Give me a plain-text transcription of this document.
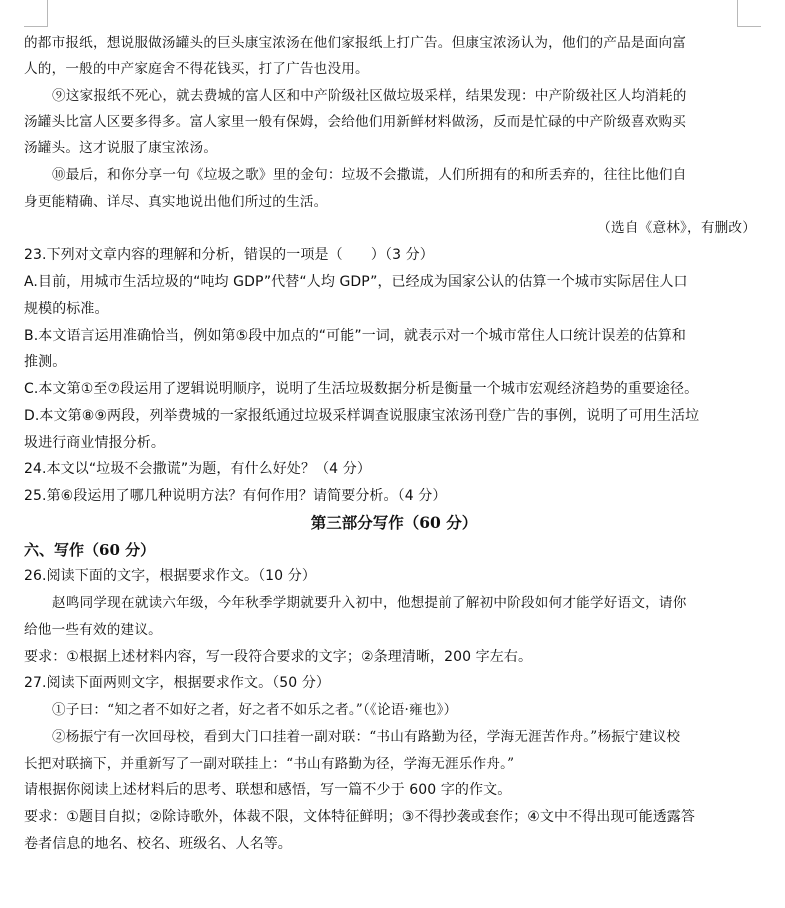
的都市报纸，想说服做汤罐头的巨头康宝浓汤在他们家报纸上打广告。但康宝浓汤认为，他们的产品是面向富
人的，一般的中产家庭舍不得花钱买，打了广告也没用。
⑨这家报纸不死心，就去费城的富人区和中产阶级社区做垃圾采样，结果发现：中产阶级社区人均消耗的
汤罐头比富人区要多得多。富人家里一般有保姆，会给他们用新鲜材料做汤，反而是忙碌的中产阶级喜欢购买
汤罐头。这才说服了康宝浓汤。
⑩最后，和你分享一句《垃圾之歌》里的金句：垃圾不会撒谎，人们所拥有的和所丢弃的，往往比他们自
身更能精确、详尽、真实地说出他们所过的生活。
（选自《意林》，有删改）
23.下列对文章内容的理解和分析，错误的一项是（　　）（3 分）
A.目前，用城市生活垃圾的“吨均 GDP”代替“人均 GDP”，已经成为国家公认的估算一个城市实际居住人口
规模的标准。
B.本文语言运用准确恰当，例如第⑤段中加点的“可能”一词，就表示对一个城市常住人口统计误差的估算和
推测。
C.本文第①至⑦段运用了逻辑说明顺序，说明了生活垃圾数据分析是衡量一个城市宏观经济趋势的重要途径。
D.本文第⑧⑨两段，列举费城的一家报纸通过垃圾采样调查说服康宝浓汤刊登广告的事例，说明了可用生活垃
圾进行商业情报分析。
24.本文以“垃圾不会撒谎”为题，有什么好处？（4 分）
25.第⑥段运用了哪几种说明方法？有何作用？请简要分析。（4 分）
第三部分写作（60 分）
六、写作（60 分）
26.阅读下面的文字，根据要求作文。（10 分）
赵鸣同学现在就读六年级，今年秋季学期就要升入初中，他想提前了解初中阶段如何才能学好语文，请你
给他一些有效的建议。
要求：①根据上述材料内容，写一段符合要求的文字；②条理清晰，200 字左右。
27.阅读下面两则文字，根据要求作文。（50 分）
①子曰：“知之者不如好之者，好之者不如乐之者。”（《论语·雍也》）
②杨振宁有一次回母校，看到大门口挂着一副对联：“书山有路勤为径，学海无涯苦作舟。”杨振宁建议校
长把对联摘下，并重新写了一副对联挂上：“书山有路勤为径，学海无涯乐作舟。”
请根据你阅读上述材料后的思考、联想和感悟，写一篇不少于 600 字的作文。
要求：①题目自拟；②除诗歌外，体裁不限，文体特征鲜明；③不得抄袭或套作；④文中不得出现可能透露答
卷者信息的地名、校名、班级名、人名等。
